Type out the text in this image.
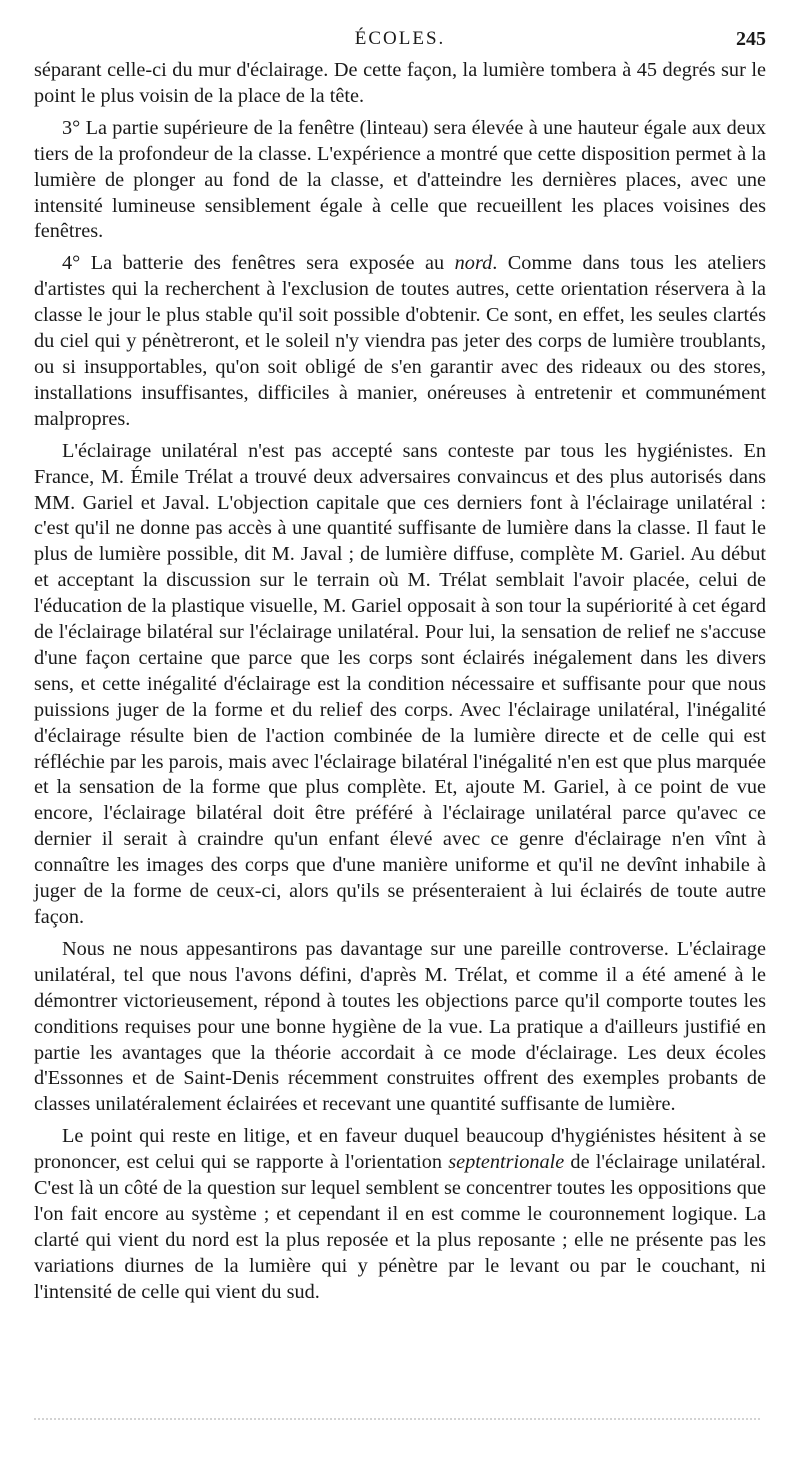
ÉCOLES.	245

séparant celle-ci du mur d'éclairage. De cette façon, la lumière tombera à 45 degrés sur le point le plus voisin de la place de la tête.

3° La partie supérieure de la fenêtre (linteau) sera élevée à une hauteur égale aux deux tiers de la profondeur de la classe. L'expérience a montré que cette disposition permet à la lumière de plonger au fond de la classe, et d'atteindre les dernières places, avec une intensité lumineuse sensiblement égale à celle que recueillent les places voisines des fenêtres.

4° La batterie des fenêtres sera exposée au nord. Comme dans tous les ateliers d'artistes qui la recherchent à l'exclusion de toutes autres, cette orientation réservera à la classe le jour le plus stable qu'il soit possible d'obtenir. Ce sont, en effet, les seules clartés du ciel qui y pénètreront, et le soleil n'y viendra pas jeter des corps de lumière troublants, ou si insupportables, qu'on soit obligé de s'en garantir avec des rideaux ou des stores, installations insuffisantes, difficiles à manier, onéreuses à entretenir et communément malpropres.

L'éclairage unilatéral n'est pas accepté sans conteste par tous les hygiénistes. En France, M. Émile Trélat a trouvé deux adversaires convaincus et des plus autorisés dans MM. Gariel et Javal. L'objection capitale que ces derniers font à l'éclairage unilatéral : c'est qu'il ne donne pas accès à une quantité suffisante de lumière dans la classe. Il faut le plus de lumière possible, dit M. Javal ; de lumière diffuse, complète M. Gariel. Au début et acceptant la discussion sur le terrain où M. Trélat semblait l'avoir placée, celui de l'éducation de la plastique visuelle, M. Gariel opposait à son tour la supériorité à cet égard de l'éclairage bilatéral sur l'éclairage unilatéral. Pour lui, la sensation de relief ne s'accuse d'une façon certaine que parce que les corps sont éclairés inégalement dans les divers sens, et cette inégalité d'éclairage est la condition nécessaire et suffisante pour que nous puissions juger de la forme et du relief des corps. Avec l'éclairage unilatéral, l'inégalité d'éclairage résulte bien de l'action combinée de la lumière directe et de celle qui est réfléchie par les parois, mais avec l'éclairage bilatéral l'inégalité n'en est que plus marquée et la sensation de la forme que plus complète. Et, ajoute M. Gariel, à ce point de vue encore, l'éclairage bilatéral doit être préféré à l'éclairage unilatéral parce qu'avec ce dernier il serait à craindre qu'un enfant élevé avec ce genre d'éclairage n'en vînt à connaître les images des corps que d'une manière uniforme et qu'il ne devînt inhabile à juger de la forme de ceux-ci, alors qu'ils se présenteraient à lui éclairés de toute autre façon.

Nous ne nous appesantirons pas davantage sur une pareille controverse. L'éclairage unilatéral, tel que nous l'avons défini, d'après M. Trélat, et comme il a été amené à le démontrer victorieusement, répond à toutes les objections parce qu'il comporte toutes les conditions requises pour une bonne hygiène de la vue. La pratique a d'ailleurs justifié en partie les avantages que la théorie accordait à ce mode d'éclairage. Les deux écoles d'Essonnes et de Saint-Denis récemment construites offrent des exemples probants de classes unilatéralement éclairées et recevant une quantité suffisante de lumière.

Le point qui reste en litige, et en faveur duquel beaucoup d'hygiénistes hésitent à se prononcer, est celui qui se rapporte à l'orientation septentrionale de l'éclairage unilatéral. C'est là un côté de la question sur lequel semblent se concentrer toutes les oppositions que l'on fait encore au système ; et cependant il en est comme le couronnement logique. La clarté qui vient du nord est la plus reposée et la plus reposante ; elle ne présente pas les variations diurnes de la lumière qui y pénètre par le levant ou par le couchant, ni l'intensité de celle qui vient du sud.
